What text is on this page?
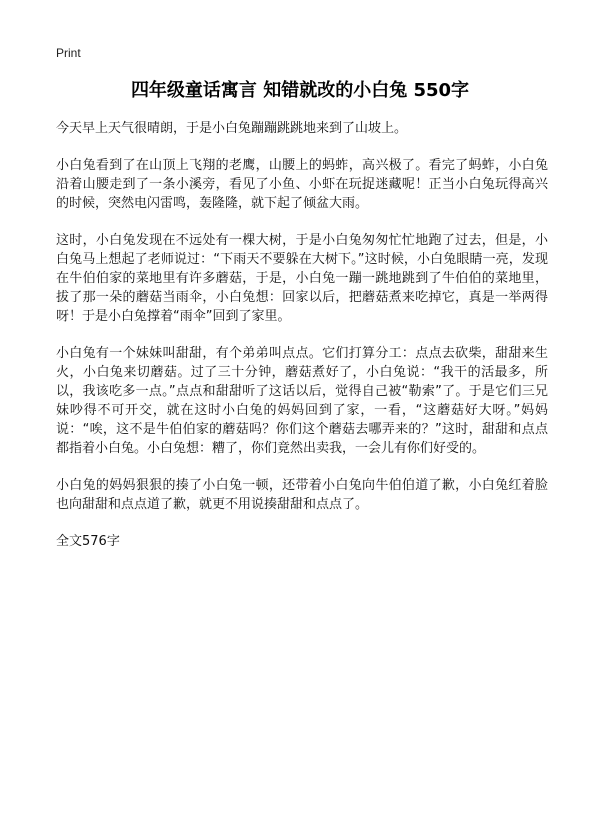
Print
四年级童话寓言 知错就改的小白兔 550字

今天早上天气很晴朗，于是小白兔蹦蹦跳跳地来到了山坡上。

小白兔看到了在山顶上飞翔的老鹰，山腰上的蚂蚱，高兴极了。看完了蚂蚱，小白兔沿着山腰走到了一条小溪旁，看见了小鱼、小虾在玩捉迷藏呢！正当小白兔玩得高兴的时候，突然电闪雷鸣，轰隆隆，就下起了倾盆大雨。

这时，小白兔发现在不远处有一棵大树，于是小白兔匆匆忙忙地跑了过去，但是，小白兔马上想起了老师说过：“下雨天不要躲在大树下。”这时候，小白兔眼睛一亮，发现在牛伯伯家的菜地里有许多蘑菇，于是，小白兔一蹦一跳地跳到了牛伯伯的菜地里，拔了那一朵的蘑菇当雨伞，小白兔想：回家以后，把蘑菇煮来吃掉它，真是一举两得呀！于是小白兔撑着“雨伞”回到了家里。

小白兔有一个妹妹叫甜甜，有个弟弟叫点点。它们打算分工：点点去砍柴，甜甜来生火，小白兔来切蘑菇。过了三十分钟，蘑菇煮好了，小白兔说：“我干的活最多，所以，我该吃多一点。”点点和甜甜听了这话以后，觉得自己被“勒索”了。于是它们三兄妹吵得不可开交，就在这时小白兔的妈妈回到了家，一看，“这蘑菇好大呀。”妈妈说：“唉，这不是牛伯伯家的蘑菇吗？你们这个蘑菇去哪弄来的？”这时，甜甜和点点都指着小白兔。小白兔想：糟了，你们竟然出卖我，一会儿有你们好受的。

小白兔的妈妈狠狠的揍了小白兔一顿，还带着小白兔向牛伯伯道了歉，小白兔红着脸也向甜甜和点点道了歉，就更不用说揍甜甜和点点了。

全文576字
